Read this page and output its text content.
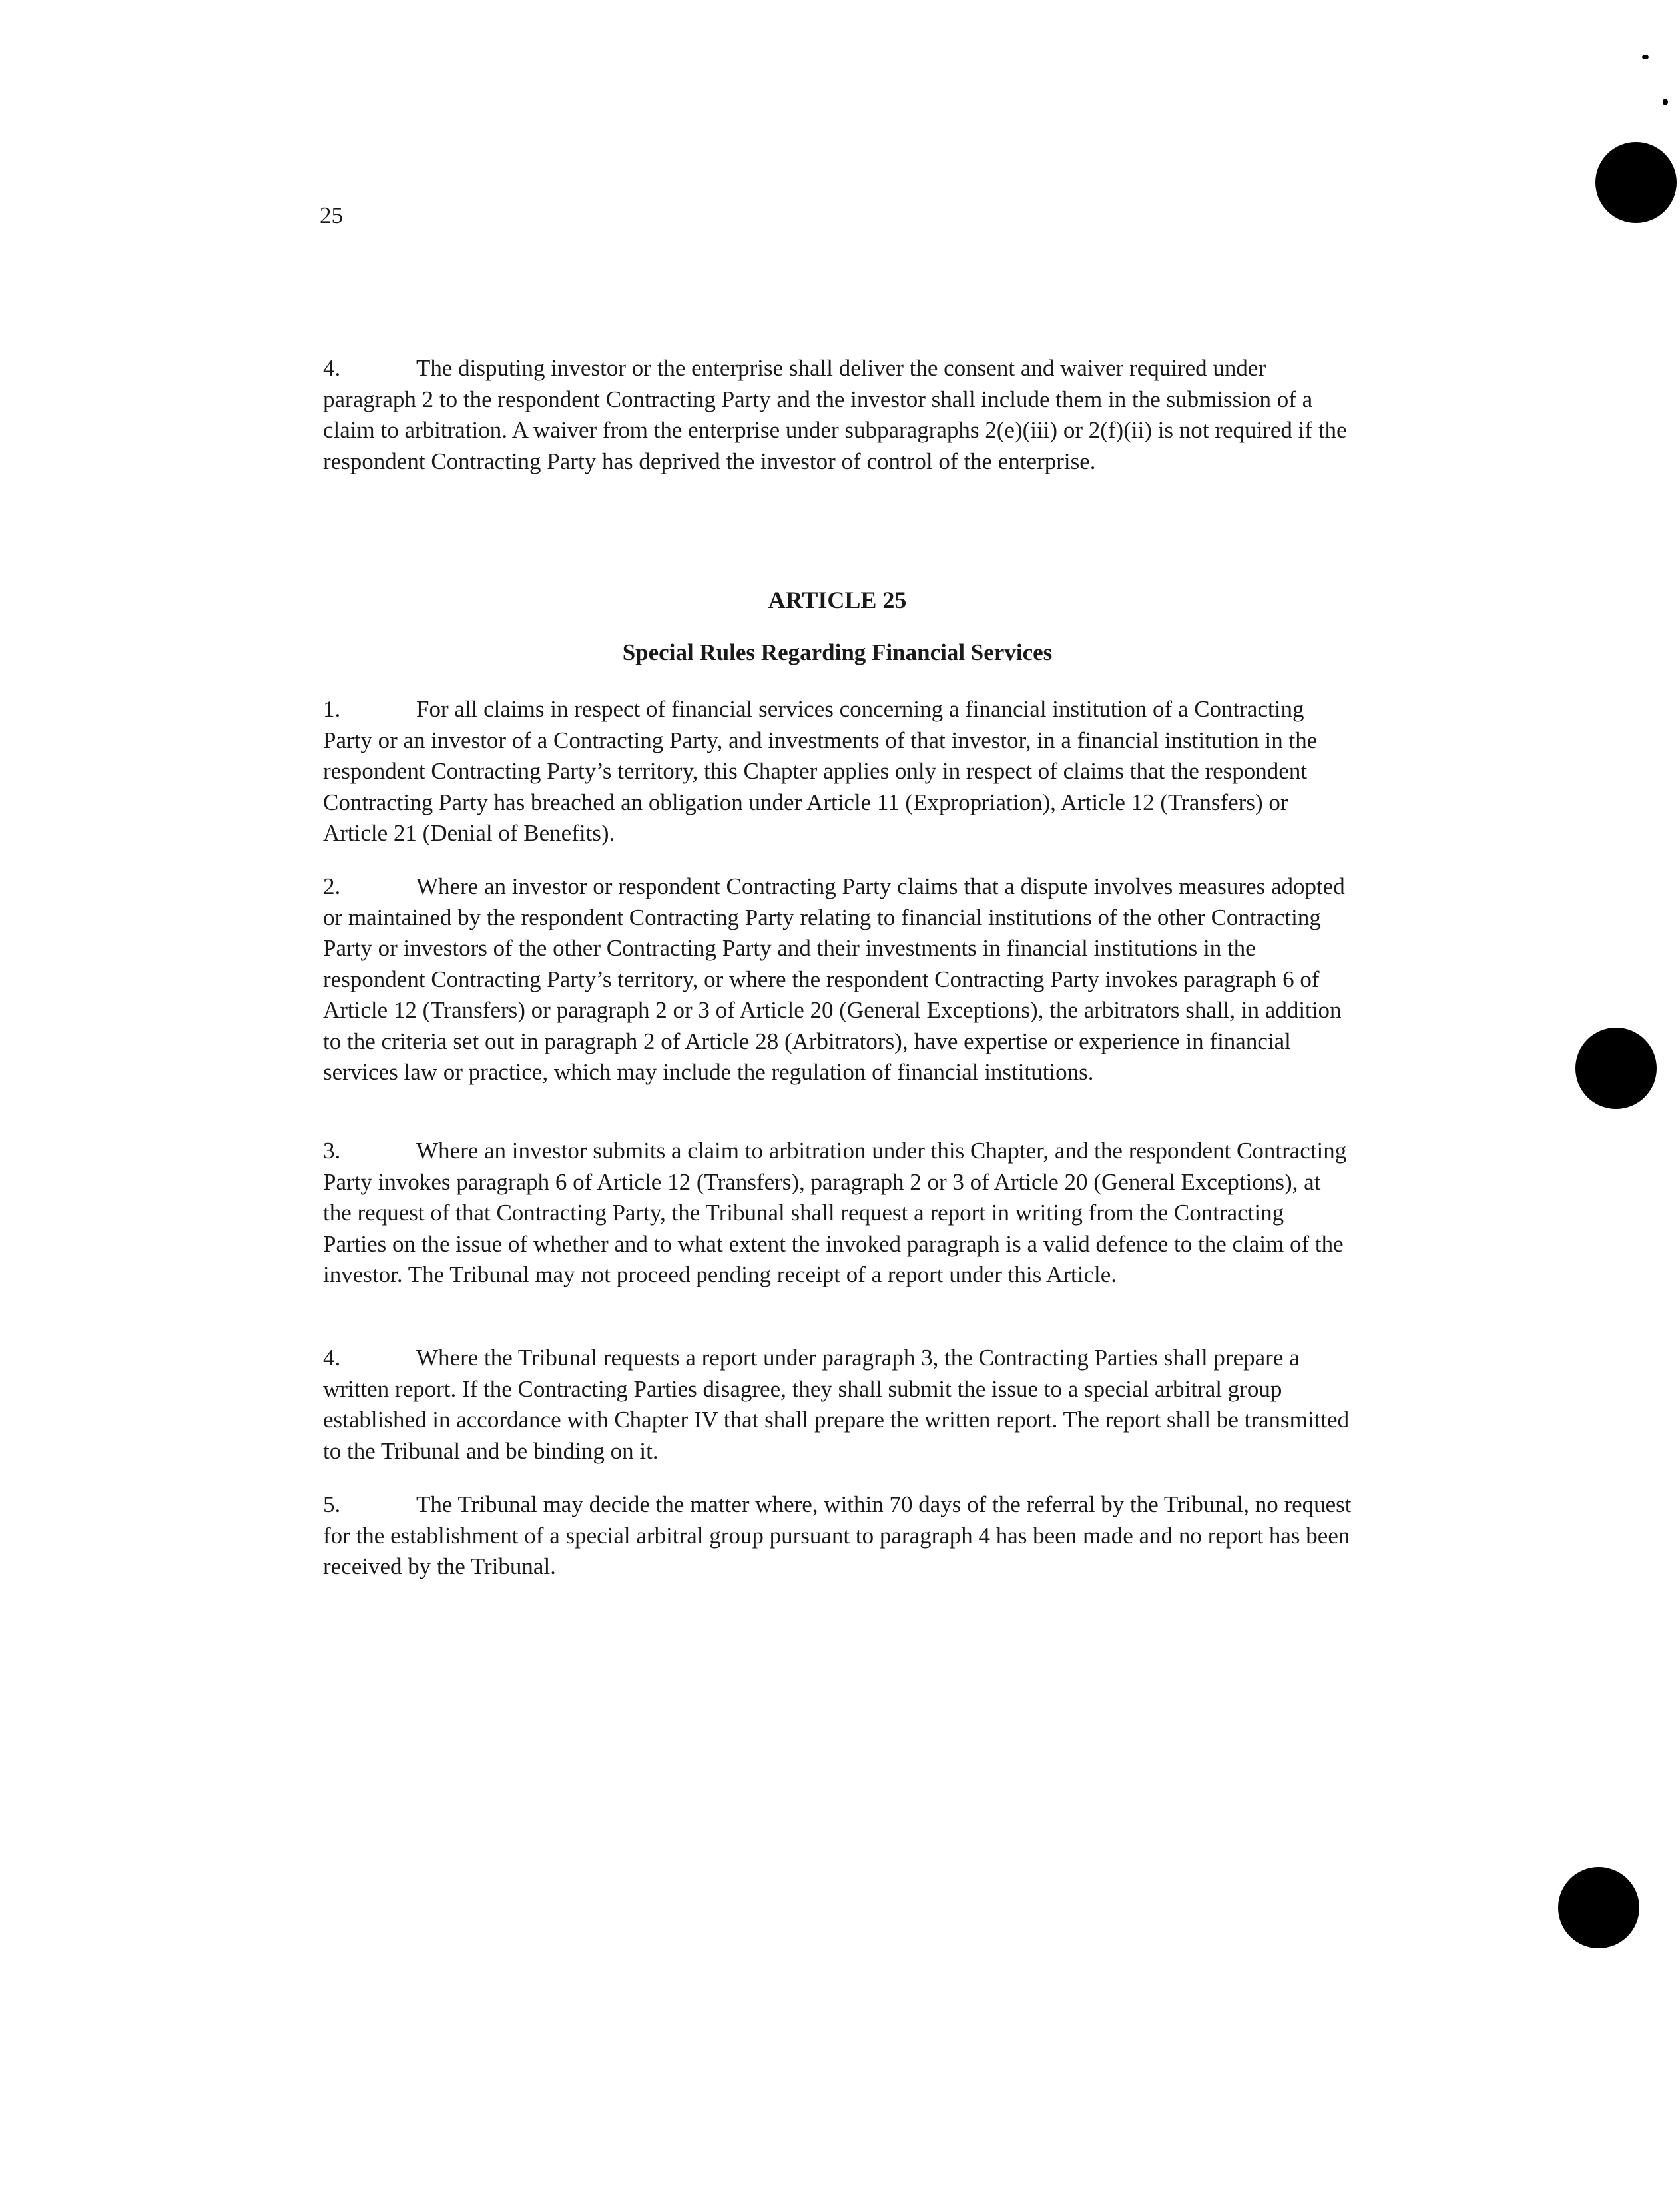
25
4.	The disputing investor or the enterprise shall deliver the consent and waiver required under paragraph 2 to the respondent Contracting Party and the investor shall include them in the submission of a claim to arbitration. A waiver from the enterprise under subparagraphs 2(e)(iii) or 2(f)(ii) is not required if the respondent Contracting Party has deprived the investor of control of the enterprise.
ARTICLE 25
Special Rules Regarding Financial Services
1.	For all claims in respect of financial services concerning a financial institution of a Contracting Party or an investor of a Contracting Party, and investments of that investor, in a financial institution in the respondent Contracting Party’s territory, this Chapter applies only in respect of claims that the respondent Contracting Party has breached an obligation under Article 11 (Expropriation), Article 12 (Transfers) or Article 21 (Denial of Benefits).
2.	Where an investor or respondent Contracting Party claims that a dispute involves measures adopted or maintained by the respondent Contracting Party relating to financial institutions of the other Contracting Party or investors of the other Contracting Party and their investments in financial institutions in the respondent Contracting Party’s territory, or where the respondent Contracting Party invokes paragraph 6 of Article 12 (Transfers) or paragraph 2 or 3 of Article 20 (General Exceptions), the arbitrators shall, in addition to the criteria set out in paragraph 2 of Article 28 (Arbitrators), have expertise or experience in financial services law or practice, which may include the regulation of financial institutions.
3.	Where an investor submits a claim to arbitration under this Chapter, and the respondent Contracting Party invokes paragraph 6 of Article 12 (Transfers), paragraph 2 or 3 of Article 20 (General Exceptions), at the request of that Contracting Party, the Tribunal shall request a report in writing from the Contracting Parties on the issue of whether and to what extent the invoked paragraph is a valid defence to the claim of the investor. The Tribunal may not proceed pending receipt of a report under this Article.
4.	Where the Tribunal requests a report under paragraph 3, the Contracting Parties shall prepare a written report. If the Contracting Parties disagree, they shall submit the issue to a special arbitral group established in accordance with Chapter IV that shall prepare the written report. The report shall be transmitted to the Tribunal and be binding on it.
5.	The Tribunal may decide the matter where, within 70 days of the referral by the Tribunal, no request for the establishment of a special arbitral group pursuant to paragraph 4 has been made and no report has been received by the Tribunal.
